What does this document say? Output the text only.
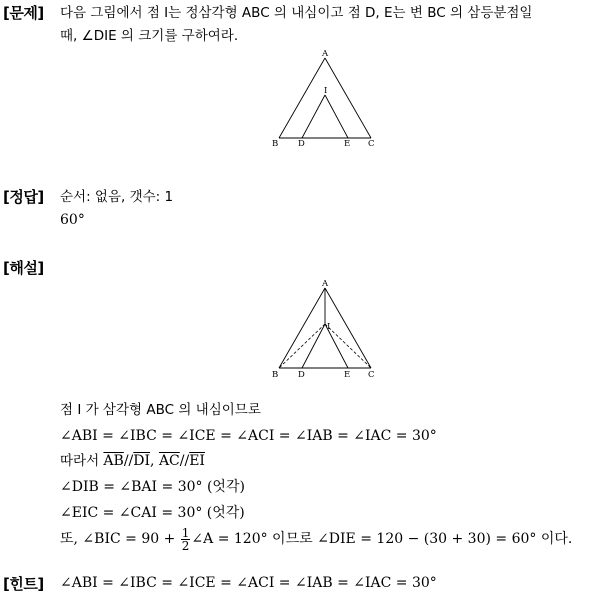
[문제] 다음 그림에서 점 I는 정삼각형 ABC 의 내심이고 점 D, E는 변 BC 의 삼등분점일
때, ∠DIE 의 크기를 구하여라.
A
I
B D	E C
[정답] 순서: 없음, 갯수: 1
60°
[해설]
A
I
B D	E C
점 I 가 삼각형 ABC 의 내심이므로
∠ABI = ∠IBC = ∠ICE = ∠ACI = ∠IAB = ∠IAC = 30°
따라서 $\overline{AB}//\overline{DI}$, $\overline{AC}//\overline{EI}$
∠DIB = ∠BAI = 30° (엇각)
∠EIC = ∠CAI = 30° (엇각)
또, ∠BIC = $90 + \frac{1}{2}$ ∠A = 120° 이므로 ∠DIE = 120 − (30 + 30) = 60° 이다.
[힌트] ∠ABI = ∠IBC = ∠ICE = ∠ACI = ∠IAB = ∠IAC = 30°
